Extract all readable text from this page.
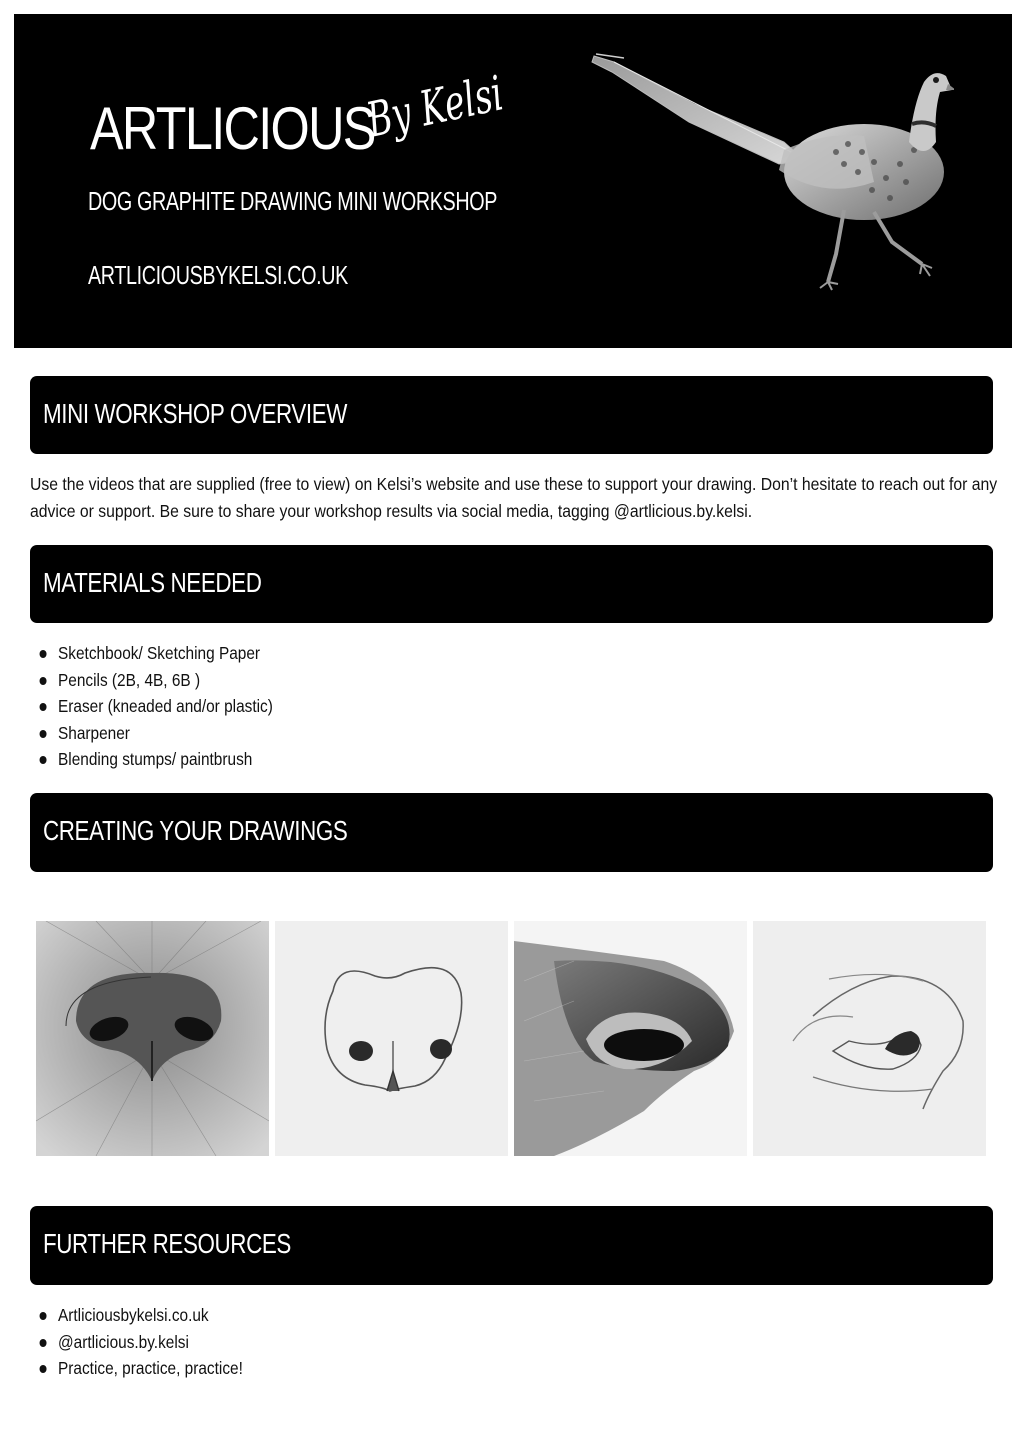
ARTLICIOUS
By Kelsi
DOG GRAPHITE DRAWING MINI WORKSHOP
ARTLICIOUSBYKELSI.CO.UK
MINI WORKSHOP OVERVIEW
Use the videos that are supplied (free to view) on Kelsi’s website and use these to support your drawing. Don’t hesitate to reach out for any advice or support. Be sure to share your workshop results via social media, tagging @artlicious.by.kelsi.
MATERIALS NEEDED
Sketchbook/ Sketching Paper
Pencils (2B, 4B, 6B )
Eraser (kneaded and/or plastic)
Sharpener
Blending stumps/ paintbrush
CREATING YOUR DRAWINGS
FURTHER RESOURCES
Artliciousbykelsi.co.uk
@artlicious.by.kelsi
Practice, practice, practice!
